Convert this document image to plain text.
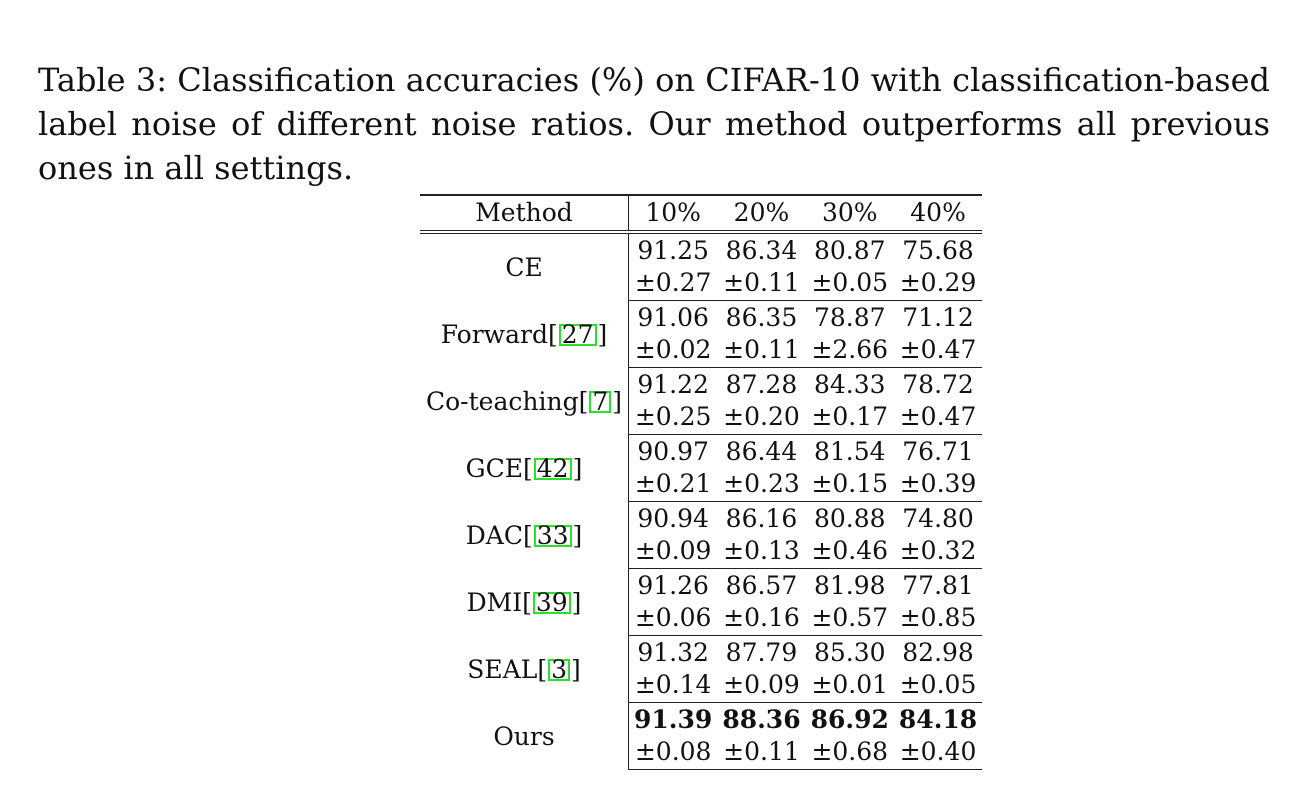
Table 3: Classification accuracies (%) on CIFAR-10 with classification-based label noise of different noise ratios. Our method outperforms all previous ones in all settings.

Method	10%	20%	30%	40%
CE	91.25	86.34	80.87	75.68
	±0.27	±0.11	±0.05	±0.29
Forward[ 27 ]	91.06	86.35	78.87	71.12
	±0.02	±0.11	±2.66	±0.47
Co-teaching[ 7 ]	91.22	87.28	84.33	78.72
	±0.25	±0.20	±0.17	±0.47
GCE[ 42 ]	90.97	86.44	81.54	76.71
	±0.21	±0.23	±0.15	±0.39
DAC[ 33 ]	90.94	86.16	80.88	74.80
	±0.09	±0.13	±0.46	±0.32
DMI[ 39 ]	91.26	86.57	81.98	77.81
	±0.06	±0.16	±0.57	±0.85
SEAL[ 3 ]	91.32	87.79	85.30	82.98
	±0.14	±0.09	±0.01	±0.05
Ours	91.39	88.36	86.92	84.18
	±0.08	±0.11	±0.68	±0.40
